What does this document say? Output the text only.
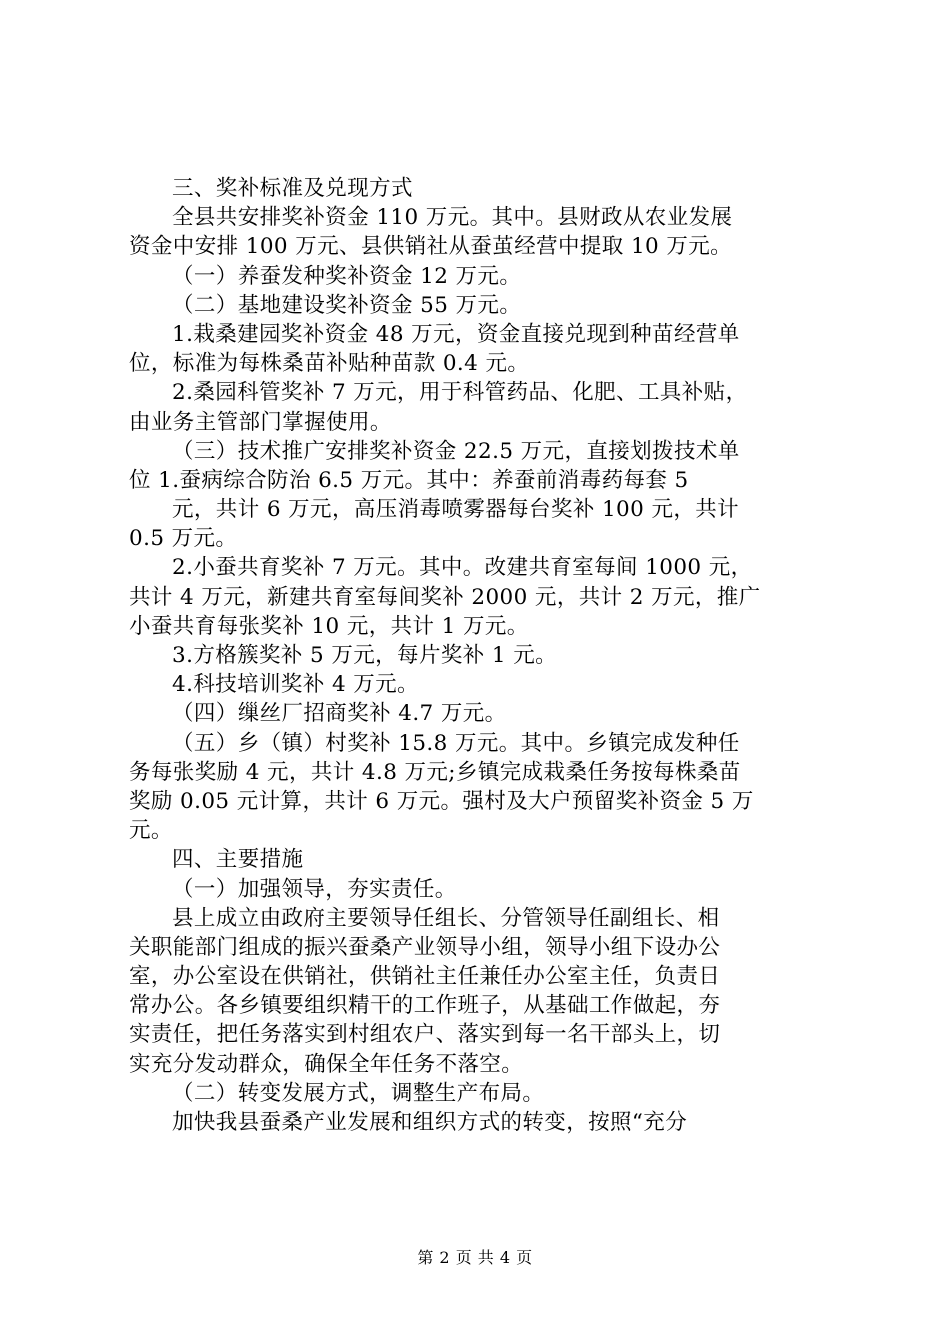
三、奖补标准及兑现方式
全县共安排奖补资金 110 万元。其中。县财政从农业发展
资金中安排 100 万元、县供销社从蚕茧经营中提取 10 万元。
（一）养蚕发种奖补资金 12 万元。
（二）基地建设奖补资金 55 万元。
1.栽桑建园奖补资金 48 万元，资金直接兑现到种苗经营单
位，标准为每株桑苗补贴种苗款 0.4 元。
2.桑园科管奖补 7 万元，用于科管药品、化肥、工具补贴，
由业务主管部门掌握使用。
（三）技术推广安排奖补资金 22.5 万元，直接划拨技术单
位 1.蚕病综合防治 6.5 万元。其中：养蚕前消毒药每套 5
元，共计 6 万元，高压消毒喷雾器每台奖补 100 元，共计
0.5 万元。
2.小蚕共育奖补 7 万元。其中。改建共育室每间 1000 元，
共计 4 万元，新建共育室每间奖补 2000 元，共计 2 万元，推广
小蚕共育每张奖补 10 元，共计 1 万元。
3.方格簇奖补 5 万元，每片奖补 1 元。
4.科技培训奖补 4 万元。
（四）缫丝厂招商奖补 4.7 万元。
（五）乡（镇）村奖补 15.8 万元。其中。乡镇完成发种任
务每张奖励 4 元，共计 4.8 万元;乡镇完成栽桑任务按每株桑苗
奖励 0.05 元计算，共计 6 万元。强村及大户预留奖补资金 5 万
元。
四、主要措施
（一）加强领导，夯实责任。
县上成立由政府主要领导任组长、分管领导任副组长、相
关职能部门组成的振兴蚕桑产业领导小组，领导小组下设办公
室，办公室设在供销社，供销社主任兼任办公室主任，负责日
常办公。各乡镇要组织精干的工作班子，从基础工作做起，夯
实责任，把任务落实到村组农户、落实到每一名干部头上，切
实充分发动群众，确保全年任务不落空。
（二）转变发展方式，调整生产布局。
加快我县蚕桑产业发展和组织方式的转变，按照“充分
第 2 页 共 4 页
